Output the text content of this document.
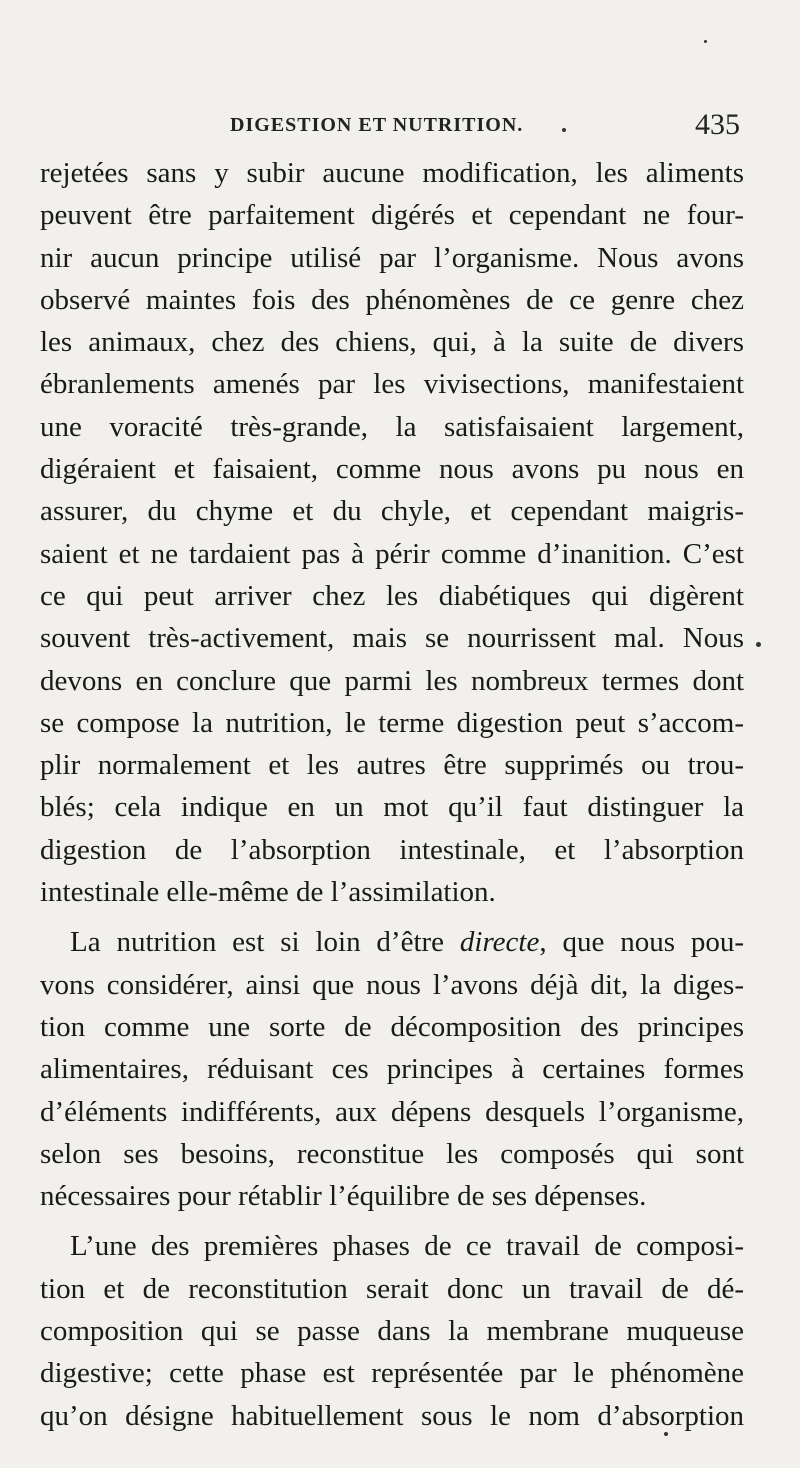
DIGESTION ET NUTRITION.	435
rejetées sans y subir aucune modification, les aliments
peuvent être parfaitement digérés et cependant ne four-
nir aucun principe utilisé par l’organisme. Nous avons
observé maintes fois des phénomènes de ce genre chez
les animaux, chez des chiens, qui, à la suite de divers
ébranlements amenés par les vivisections, manifestaient
une voracité très-grande, la satisfaisaient largement,
digéraient et faisaient, comme nous avons pu nous en
assurer, du chyme et du chyle, et cependant maigris-
saient et ne tardaient pas à périr comme d’inanition. C’est
ce qui peut arriver chez les diabétiques qui digèrent
souvent très-activement, mais se nourrissent mal. Nous
devons en conclure que parmi les nombreux termes dont
se compose la nutrition, le terme digestion peut s’accom-
plir normalement et les autres être supprimés ou trou-
blés; cela indique en un mot qu’il faut distinguer la
digestion de l’absorption intestinale, et l’absorption
intestinale elle-même de l’assimilation.
La nutrition est si loin d’être directe, que nous pou-
vons considérer, ainsi que nous l’avons déjà dit, la diges-
tion comme une sorte de décomposition des principes
alimentaires, réduisant ces principes à certaines formes
d’éléments indifférents, aux dépens desquels l’organisme,
selon ses besoins, reconstitue les composés qui sont
nécessaires pour rétablir l’équilibre de ses dépenses.
L’une des premières phases de ce travail de composi-
tion et de reconstitution serait donc un travail de dé-
composition qui se passe dans la membrane muqueuse
digestive; cette phase est représentée par le phénomène
qu’on désigne habituellement sous le nom d’absorption
